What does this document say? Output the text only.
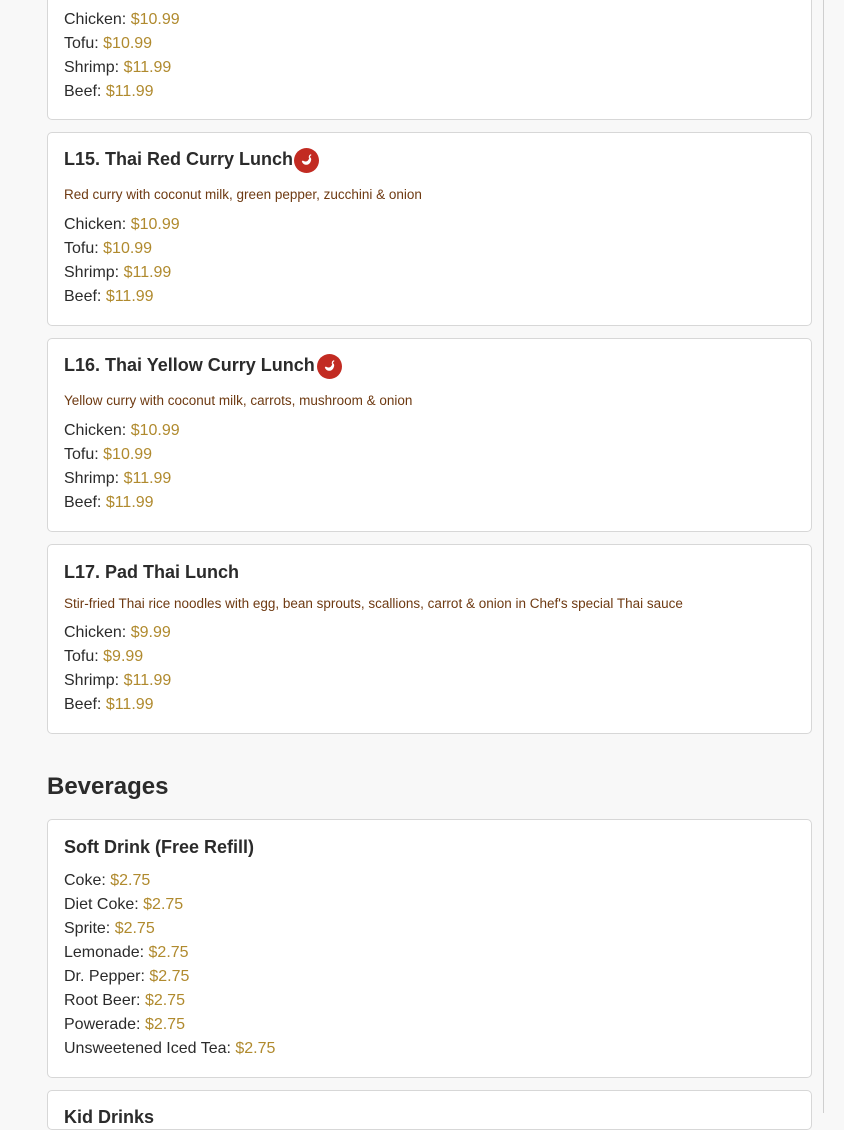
Chicken: $10.99
Tofu: $10.99
Shrimp: $11.99
Beef: $11.99
L15. Thai Red Curry Lunch
Red curry with coconut milk, green pepper, zucchini & onion
Chicken: $10.99
Tofu: $10.99
Shrimp: $11.99
Beef: $11.99
L16. Thai Yellow Curry Lunch
Yellow curry with coconut milk, carrots, mushroom & onion
Chicken: $10.99
Tofu: $10.99
Shrimp: $11.99
Beef: $11.99
L17. Pad Thai Lunch
Stir-fried Thai rice noodles with egg, bean sprouts, scallions, carrot & onion in Chef's special Thai sauce
Chicken: $9.99
Tofu: $9.99
Shrimp: $11.99
Beef: $11.99
Beverages
Soft Drink (Free Refill)
Coke: $2.75
Diet Coke: $2.75
Sprite: $2.75
Lemonade: $2.75
Dr. Pepper: $2.75
Root Beer: $2.75
Powerade: $2.75
Unsweetened Iced Tea: $2.75
Kid Drinks
